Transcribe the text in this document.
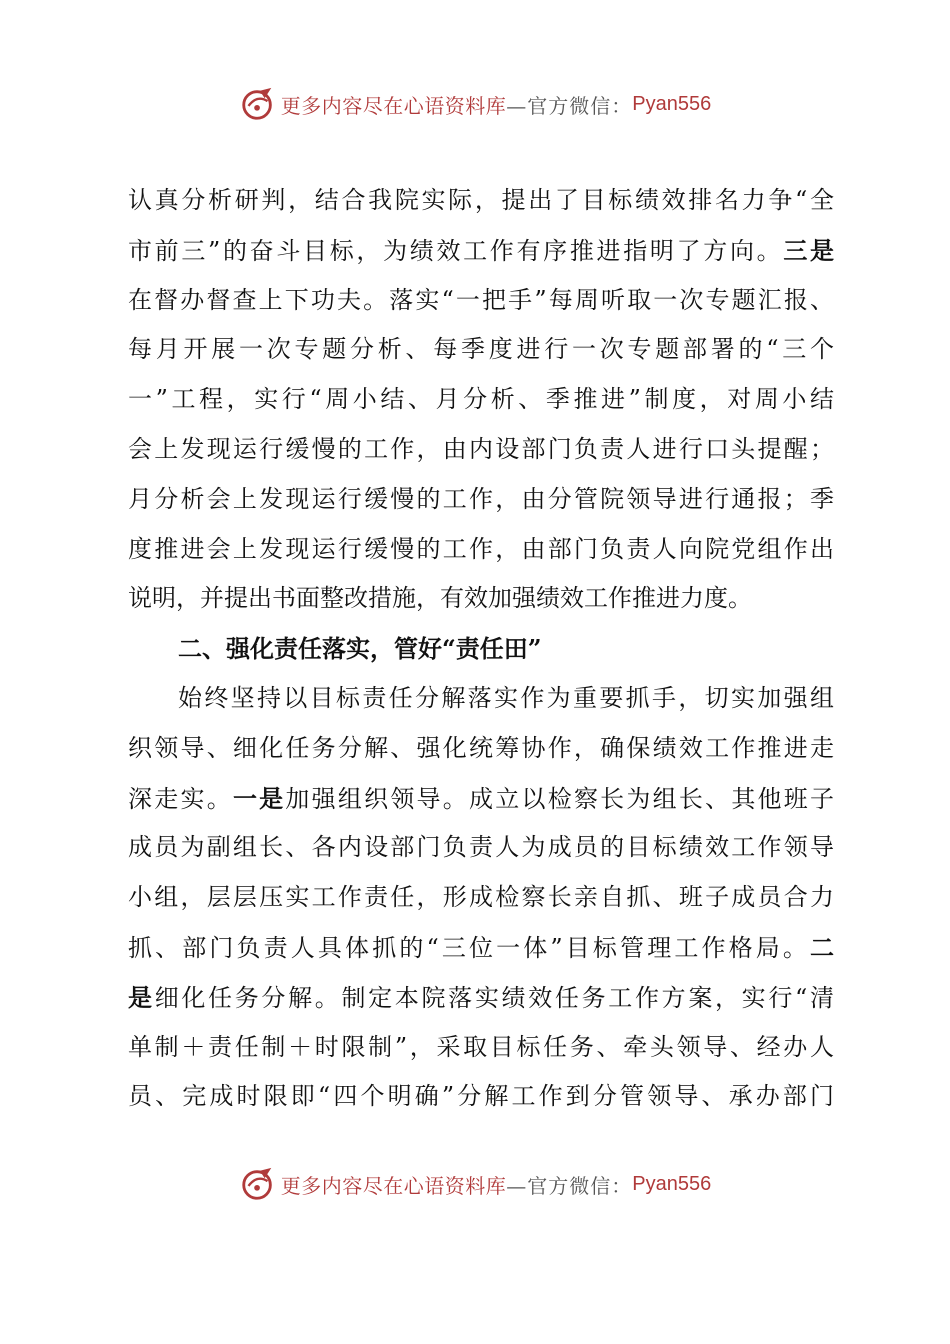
更多内容尽在心语资料库 —官方微信： Pyan556
认真分析研判，结合我院实际，提出了目标绩效排名力争“全
市前三”的奋斗目标，为绩效工作有序推进指明了方向。三是
在督办督查上下功夫。落实“一把手”每周听取一次专题汇报、
每月开展一次专题分析、每季度进行一次专题部署的“三个
一”工程，实行“周小结、月分析、季推进”制度，对周小结
会上发现运行缓慢的工作，由内设部门负责人进行口头提醒；
月分析会上发现运行缓慢的工作，由分管院领导进行通报；季
度推进会上发现运行缓慢的工作，由部门负责人向院党组作出
说明，并提出书面整改措施，有效加强绩效工作推进力度。
二、强化责任落实，管好“责任田”
始终坚持以目标责任分解落实作为重要抓手，切实加强组
织领导、细化任务分解、强化统筹协作，确保绩效工作推进走
深走实。一是加强组织领导。成立以检察长为组长、其他班子
成员为副组长、各内设部门负责人为成员的目标绩效工作领导
小组，层层压实工作责任，形成检察长亲自抓、班子成员合力
抓、部门负责人具体抓的“三位一体”目标管理工作格局。二
是细化任务分解。制定本院落实绩效任务工作方案，实行“清
单制＋责任制＋时限制”，采取目标任务、牵头领导、经办人
员、完成时限即“四个明确”分解工作到分管领导、承办部门
更多内容尽在心语资料库 —官方微信： Pyan556
